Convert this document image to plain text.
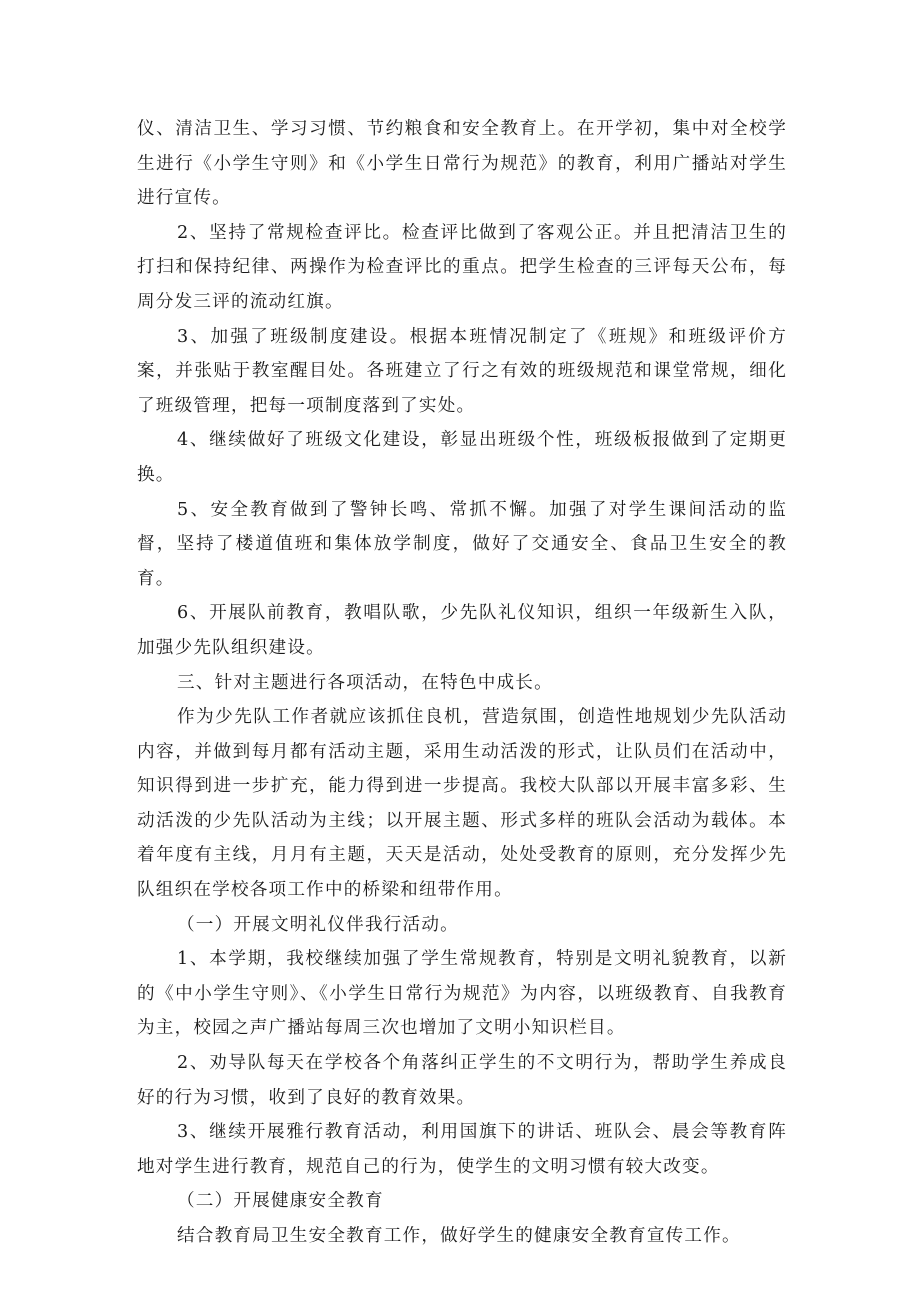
仪、清洁卫生、学习习惯、节约粮食和安全教育上。在开学初，集中对全校学生进行《小学生守则》和《小学生日常行为规范》的教育，利用广播站对学生进行宣传。

2、坚持了常规检查评比。检查评比做到了客观公正。并且把清洁卫生的打扫和保持纪律、两操作为检查评比的重点。把学生检查的三评每天公布，每周分发三评的流动红旗。

3、加强了班级制度建设。根据本班情况制定了《班规》和班级评价方案，并张贴于教室醒目处。各班建立了行之有效的班级规范和课堂常规，细化了班级管理，把每一项制度落到了实处。

4、继续做好了班级文化建设，彰显出班级个性，班级板报做到了定期更换。

5、安全教育做到了警钟长鸣、常抓不懈。加强了对学生课间活动的监督，坚持了楼道值班和集体放学制度，做好了交通安全、食品卫生安全的教育。

6、开展队前教育，教唱队歌，少先队礼仪知识，组织一年级新生入队，加强少先队组织建设。

三、针对主题进行各项活动，在特色中成长。

作为少先队工作者就应该抓住良机，营造氛围，创造性地规划少先队活动内容，并做到每月都有活动主题，采用生动活泼的形式，让队员们在活动中，知识得到进一步扩充，能力得到进一步提高。我校大队部以开展丰富多彩、生动活泼的少先队活动为主线；以开展主题、形式多样的班队会活动为载体。本着年度有主线，月月有主题，天天是活动，处处受教育的原则，充分发挥少先队组织在学校各项工作中的桥梁和纽带作用。

（一）开展文明礼仪伴我行活动。

1、本学期，我校继续加强了学生常规教育，特别是文明礼貌教育，以新的《中小学生守则》、《小学生日常行为规范》为内容，以班级教育、自我教育为主，校园之声广播站每周三次也增加了文明小知识栏目。

2、劝导队每天在学校各个角落纠正学生的不文明行为，帮助学生养成良好的行为习惯，收到了良好的教育效果。

3、继续开展雅行教育活动，利用国旗下的讲话、班队会、晨会等教育阵地对学生进行教育，规范自己的行为，使学生的文明习惯有较大改变。

（二）开展健康安全教育

结合教育局卫生安全教育工作，做好学生的健康安全教育宣传工作。
